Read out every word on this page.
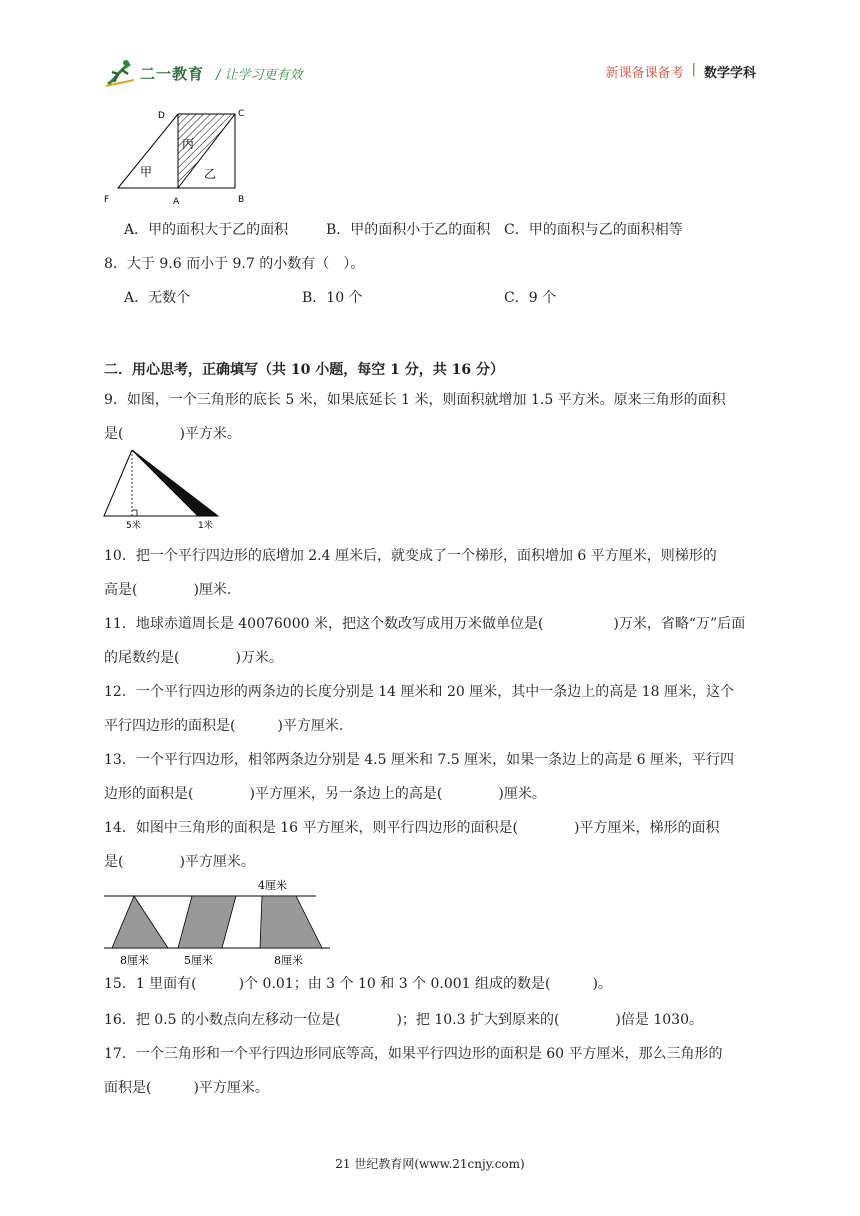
二一教育 / 让学习更有效	新课备课备考 | 数学学科
D	C
F	A	B
甲	乙
丙
A．甲的面积大于乙的面积	B．甲的面积小于乙的面积 C．甲的面积与乙的面积相等
8．大于 9.6 而小于 9.7 的小数有（　）。
A．无数个	B．10 个	C．9 个
二．用心思考，正确填写（共 10 小题，每空 1 分，共 16 分）
9．如图，一个三角形的底长 5 米，如果底延长 1 米，则面积就增加 1.5 平方米。原来三角形的面积
是(　　　　)平方米。
5米	1米
10．把一个平行四边形的底增加 2.4 厘米后，就变成了一个梯形，面积增加 6 平方厘米，则梯形的
高是(　　　　)厘米.
11．地球赤道周长是 40076000 米，把这个数改写成用万米做单位是(　　　　　)万米，省略“万”后面
的尾数约是(　　　　)万米。
12．一个平行四边形的两条边的长度分别是 14 厘米和 20 厘米，其中一条边上的高是 18 厘米，这个
平行四边形的面积是(　　　)平方厘米.
13．一个平行四边形，相邻两条边分别是 4.5 厘米和 7.5 厘米，如果一条边上的高是 6 厘米，平行四
边形的面积是(　　　　)平方厘米，另一条边上的高是(　　　　)厘米。
14．如图中三角形的面积是 16 平方厘米，则平行四边形的面积是(　　　　)平方厘米，梯形的面积
是(　　　　)平方厘米。
4厘米
8厘米	5厘米	8厘米
15．1 里面有(　　　)个 0.01；由 3 个 10 和 3 个 0.001 组成的数是(　　　)。
16．把 0.5 的小数点向左移动一位是(　　　　)；把 10.3 扩大到原来的(　　　　)倍是 1030。
17．一个三角形和一个平行四边形同底等高，如果平行四边形的面积是 60 平方厘米，那么三角形的
面积是(　　　)平方厘米。
21 世纪教育网(www.21cnjy.com)
